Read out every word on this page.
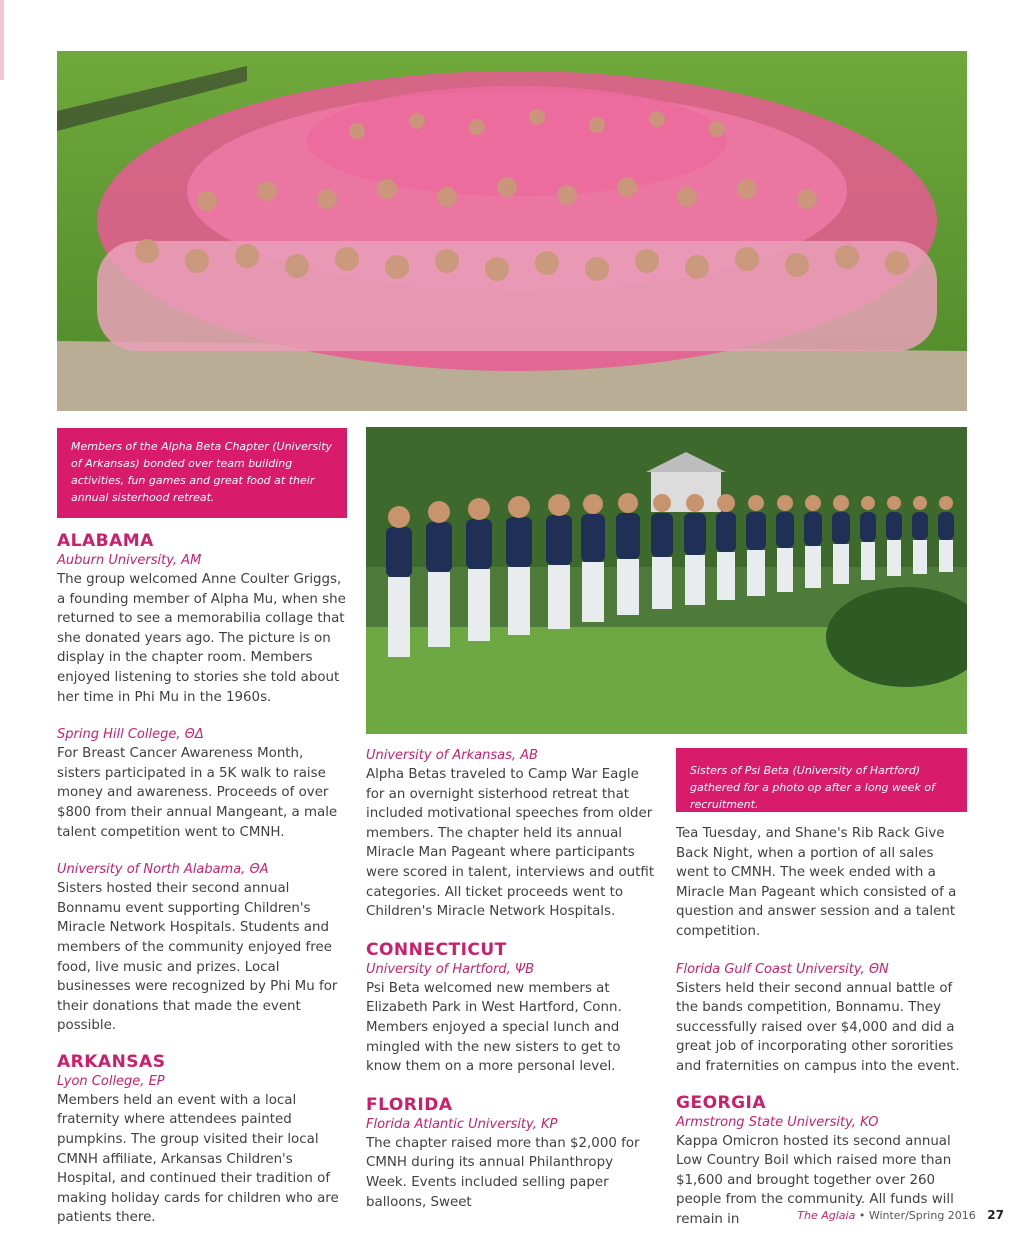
Members of the Alpha Beta Chapter (University of Arkansas) bonded over team building activities, fun games and great food at their annual sisterhood retreat.
Sisters of Psi Beta (University of Hartford) gathered for a photo op after a long week of recruitment.
ALABAMA
Auburn University, AM
The group welcomed Anne Coulter Griggs, a founding member of Alpha Mu, when she returned to see a memorabilia collage that she donated years ago. The picture is on display in the chapter room. Members enjoyed listening to stories she told about her time in Phi Mu in the 1960s.
Spring Hill College, ΘΔ
For Breast Cancer Awareness Month, sisters participated in a 5K walk to raise money and awareness. Proceeds of over $800 from their annual Mangeant, a male talent competition went to CMNH.
University of North Alabama, ΘA
Sisters hosted their second annual Bonnamu event supporting Children's Miracle Network Hospitals. Students and members of the community enjoyed free food, live music and prizes. Local businesses were recognized by Phi Mu for their donations that made the event possible.
ARKANSAS
Lyon College, EP
Members held an event with a local fraternity where attendees painted pumpkins. The group visited their local CMNH affiliate, Arkansas Children's Hospital, and continued their tradition of making holiday cards for children who are patients there.
University of Arkansas, AB
Alpha Betas traveled to Camp War Eagle for an overnight sisterhood retreat that included motivational speeches from older members. The chapter held its annual Miracle Man Pageant where participants were scored in talent, interviews and outfit categories. All ticket proceeds went to Children's Miracle Network Hospitals.
CONNECTICUT
University of Hartford, ΨB
Psi Beta welcomed new members at Elizabeth Park in West Hartford, Conn. Members enjoyed a special lunch and mingled with the new sisters to get to know them on a more personal level.
FLORIDA
Florida Atlantic University, KP
The chapter raised more than $2,000 for CMNH during its annual Philanthropy Week. Events included selling paper balloons, Sweet
Tea Tuesday, and Shane's Rib Rack Give Back Night, when a portion of all sales went to CMNH. The week ended with a Miracle Man Pageant which consisted of a question and answer session and a talent competition.
Florida Gulf Coast University, ΘN
Sisters held their second annual battle of the bands competition, Bonnamu. They successfully raised over $4,000 and did a great job of incorporating other sororities and fraternities on campus into the event.
GEORGIA
Armstrong State University, KO
Kappa Omicron hosted its second annual Low Country Boil which raised more than $1,600 and brought together over 260 people from the community. All funds will remain in	The Aglaia • Winter/Spring 2016 27
